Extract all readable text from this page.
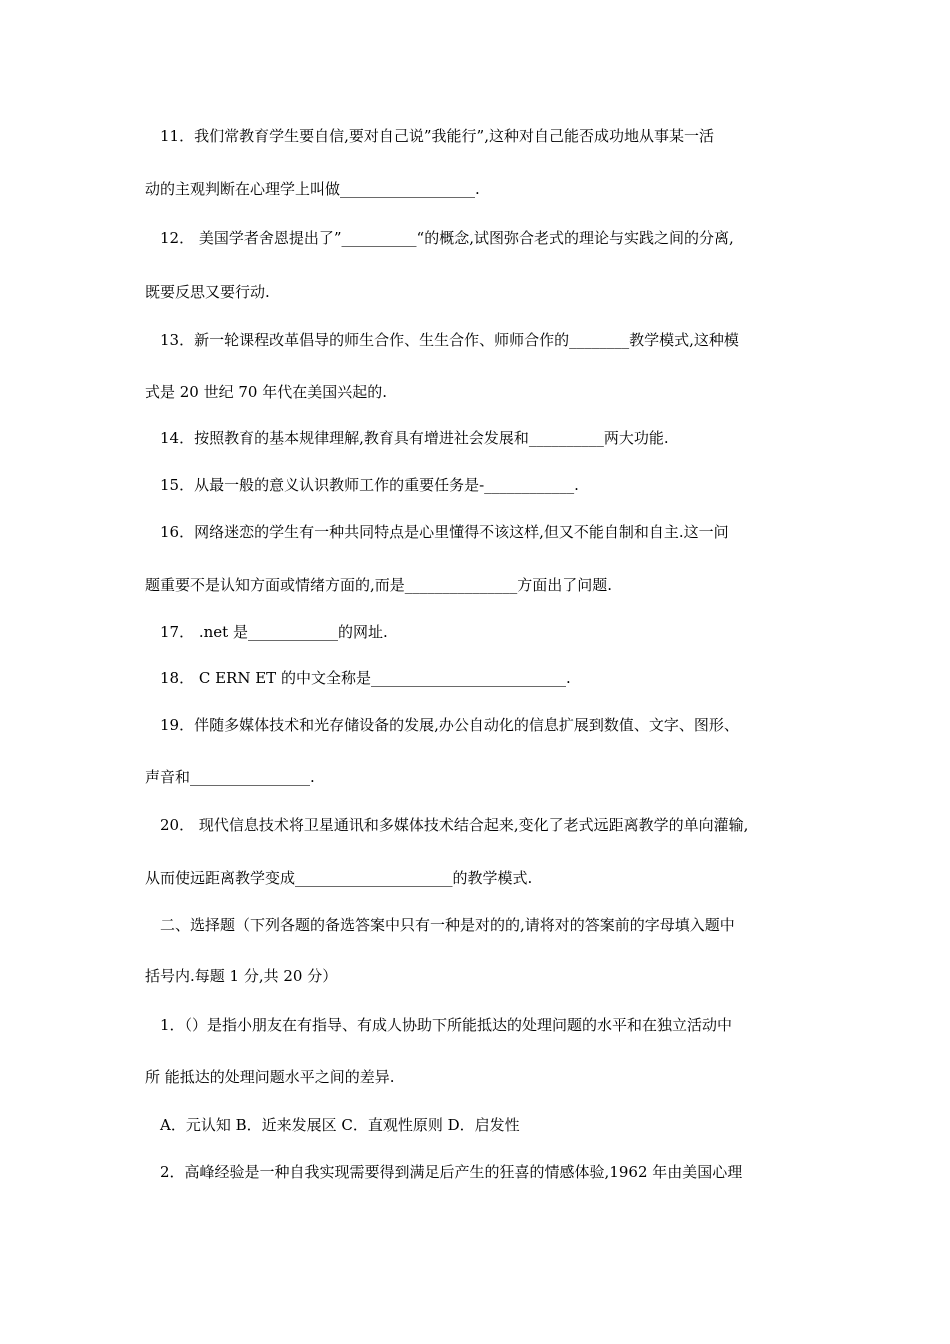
11．我们常教育学生要自信,要对自己说”我能行”,这种对自己能否成功地从事某一活
动的主观判断在心理学上叫做__________________.
12． 美国学者舍恩提出了”__________“的概念,试图弥合老式的理论与实践之间的分离,
既要反思又要行动.
13．新一轮课程改革倡导的师生合作、生生合作、师师合作的________教学模式,这种模
式是 20 世纪 70 年代在美国兴起的.
14．按照教育的基本规律理解,教育具有增进社会发展和__________两大功能.
15．从最一般的意义认识教师工作的重要任务是-____________.
16．网络迷恋的学生有一种共同特点是心里懂得不该这样,但又不能自制和自主.这一问
题重要不是认知方面或情绪方面的,而是_______________方面出了问题.
17． .net 是____________的网址.
18． C ERN ET 的中文全称是__________________________.
19．伴随多媒体技术和光存储设备的发展,办公自动化的信息扩展到数值、文字、图形、
声音和________________.
20． 现代信息技术将卫星通讯和多媒体技术结合起来,变化了老式远距离教学的单向灌输,
从而使远距离教学变成_____________________的教学模式.
二、选择题（下列各题的备选答案中只有一种是对的的,请将对的答案前的字母填入题中
括号内.每题 1 分,共 20 分）
1．（）是指小朋友在有指导、有成人协助下所能抵达的处理问题的水平和在独立活动中
所 能抵达的处理问题水平之间的差异.
A．元认知 B．近来发展区 C．直观性原则 D．启发性
2．高峰经验是一种自我实现需要得到满足后产生的狂喜的情感体验,1962 年由美国心理
